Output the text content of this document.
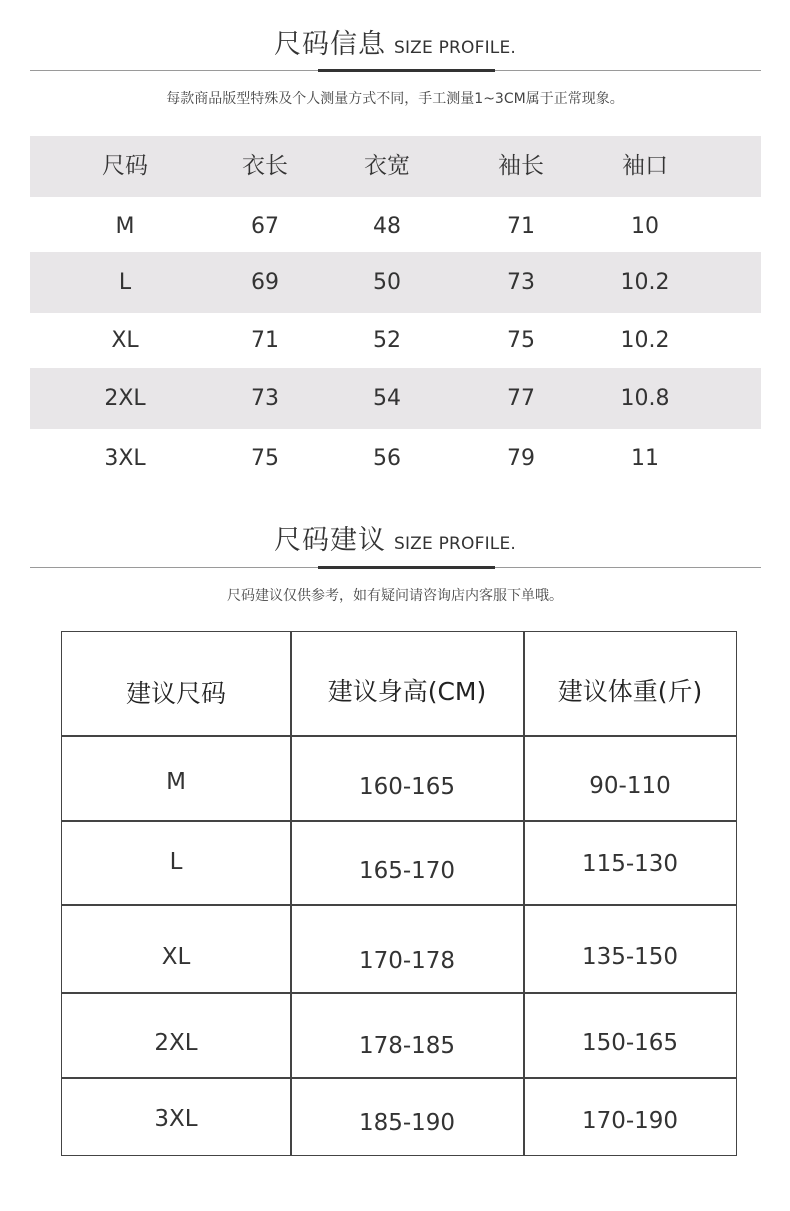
尺码信息 SIZE PROFILE.
每款商品版型特殊及个人测量方式不同，手工测量1~3CM属于正常现象。
尺码	衣长	衣宽	袖长	袖口
M	67	48	71	10
L	69	50	73	10.2
XL	71	52	75	10.2
2XL	73	54	77	10.8
3XL	75	56	79	11
尺码建议 SIZE PROFILE.
尺码建议仅供参考，如有疑问请咨询店内客服下单哦。
建议尺码	建议身高(CM)	建议体重(斤)
M	160-165	90-110
L	165-170	115-130
XL	170-178	135-150
2XL	178-185	150-165
3XL	185-190	170-190
